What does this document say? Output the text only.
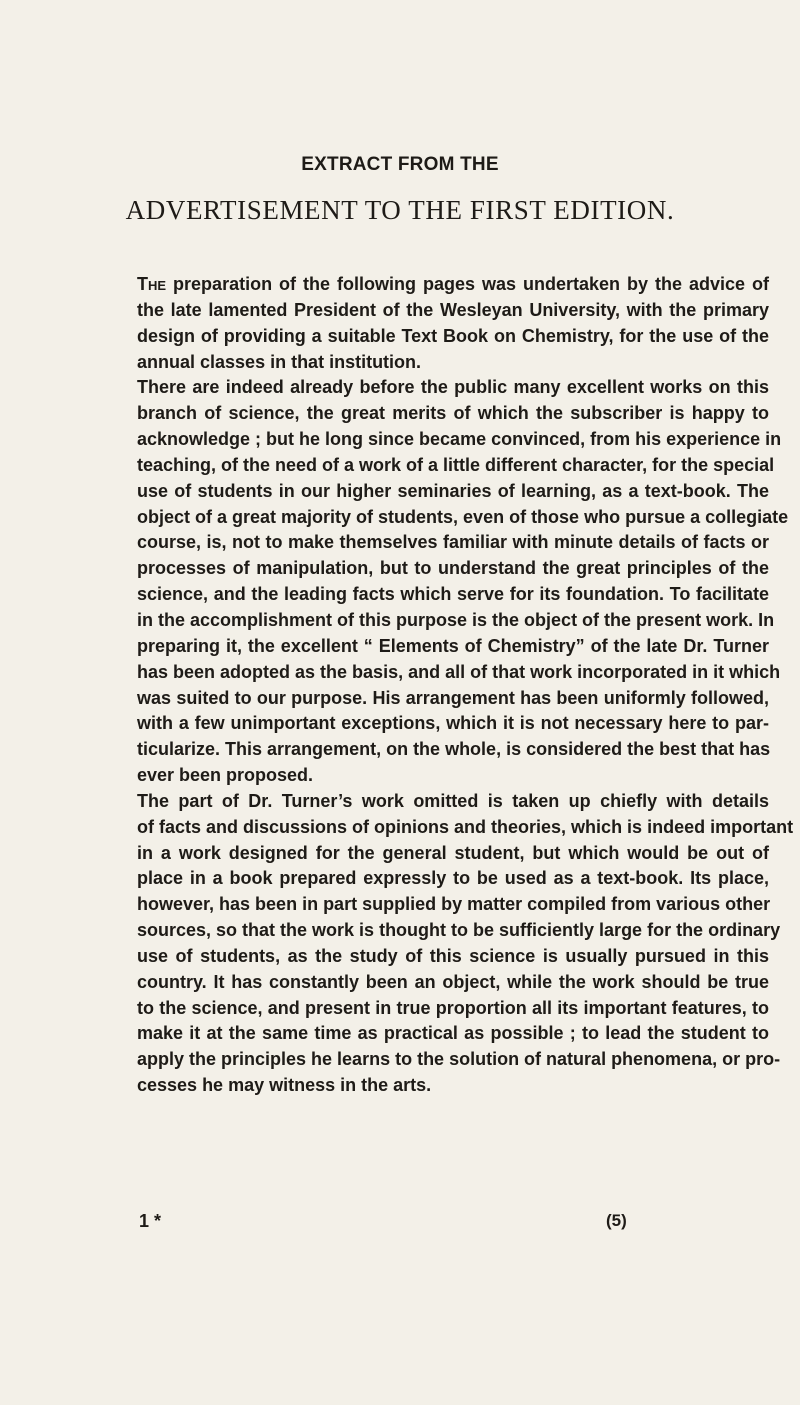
EXTRACT FROM THE
ADVERTISEMENT TO THE FIRST EDITION.
The preparation of the following pages was undertaken by the advice of
the late lamented President of the Wesleyan University, with the primary
design of providing a suitable Text Book on Chemistry, for the use of the
annual classes in that institution.
There are indeed already before the public many excellent works on this
branch of science, the great merits of which the subscriber is happy to
acknowledge ; but he long since became convinced, from his experience in
teaching, of the need of a work of a little different character, for the special
use of students in our higher seminaries of learning, as a text-book. The
object of a great majority of students, even of those who pursue a collegiate
course, is, not to make themselves familiar with minute details of facts or
processes of manipulation, but to understand the great principles of the
science, and the leading facts which serve for its foundation. To facilitate
in the accomplishment of this purpose is the object of the present work. In
preparing it, the excellent “ Elements of Chemistry” of the late Dr. Turner
has been adopted as the basis, and all of that work incorporated in it which
was suited to our purpose. His arrangement has been uniformly followed,
with a few unimportant exceptions, which it is not necessary here to par-
ticularize. This arrangement, on the whole, is considered the best that has
ever been proposed.
The part of Dr. Turner’s work omitted is taken up chiefly with details
of facts and discussions of opinions and theories, which is indeed important
in a work designed for the general student, but which would be out of
place in a book prepared expressly to be used as a text-book. Its place,
however, has been in part supplied by matter compiled from various other
sources, so that the work is thought to be sufficiently large for the ordinary
use of students, as the study of this science is usually pursued in this
country. It has constantly been an object, while the work should be true
to the science, and present in true proportion all its important features, to
make it at the same time as practical as possible ; to lead the student to
apply the principles he learns to the solution of natural phenomena, or pro-
cesses he may witness in the arts.
1 *	(5)
